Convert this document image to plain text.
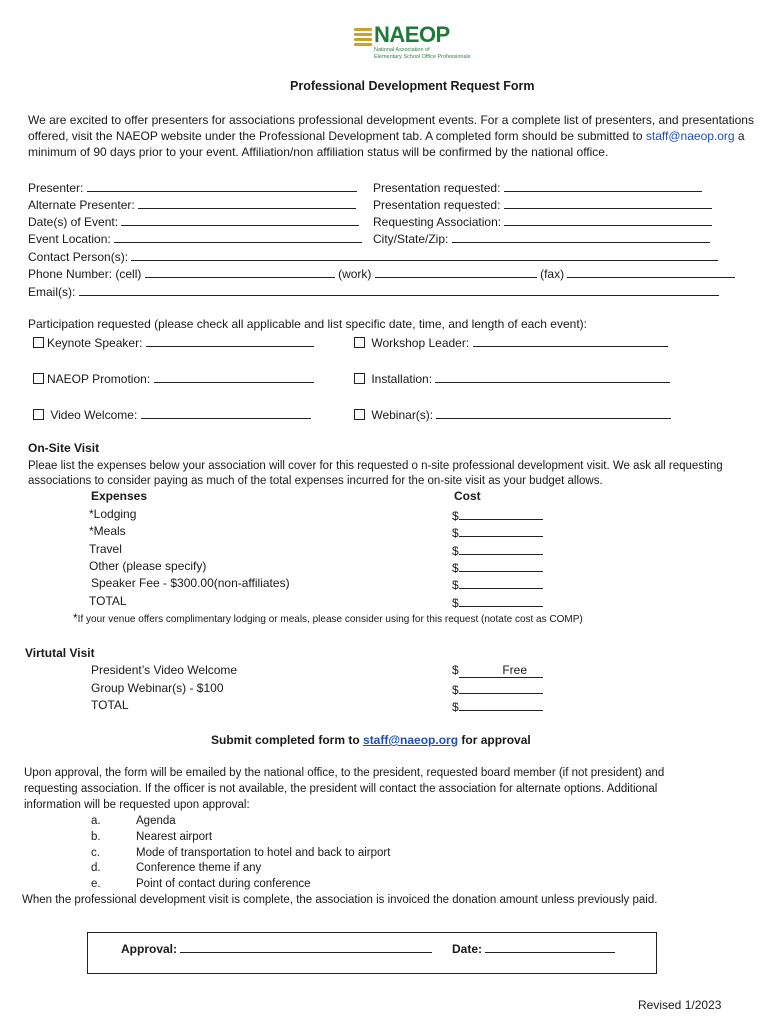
NAEOP
National Association of
Elementary School Office Professionals
Professional Development Request Form
We are excited to offer presenters for associations professional development events. For a complete list of presenters, and presentations
offered, visit the NAEOP website under the Professional Development tab. A completed form should be submitted to staff@naeop.org a
minimum of 90 days prior to your event. Affiliation/non affiliation status will be confirmed by the national office.
Presenter:	Presentation requested:
Alternate Presenter:	Presentation requested:
Date(s) of Event:	Requesting Association:
Event Location:	City/State/Zip:
Contact Person(s):
Phone Number: (cell)	(work)	(fax)
Email(s):
Participation requested (please check all applicable and list specific date, time, and length of each event):
Keynote Speaker:	Workshop Leader:
NAEOP Promotion:	Installation:
Video Welcome:	Webinar(s):
On-Site Visit
Pleae list the expenses below your association will cover for this requested o n-site professional development visit. We ask all requesting
associations to consider paying as much of the total expenses incurred for the on-site visit as your budget allows.
Expenses	Cost
*Lodging	$
*Meals	$
Travel	$
Other (please specify)	$
Speaker Fee - $300.00(non-affiliates)	$
TOTAL	$
*If your venue offers complimentary lodging or meals, please consider using for this request (notate cost as COMP)
Virtutal Visit
President’s Video Welcome	$	Free
Group Webinar(s) - $100	$
TOTAL	$
Submit completed form to staff@naeop.org for approval
Upon approval, the form will be emailed by the national office, to the president, requested board member (if not president) and
requesting association. If the officer is not available, the president will contact the association for alternate options. Additional
information will be requested upon approval:
a.	Agenda
b.	Nearest airport
c.	Mode of transportation to hotel and back to airport
d.	Conference theme if any
e.	Point of contact during conference
When the professional development visit is complete, the association is invoiced the donation amount unless previously paid.
Approval:	Date:
Revised 1/2023
